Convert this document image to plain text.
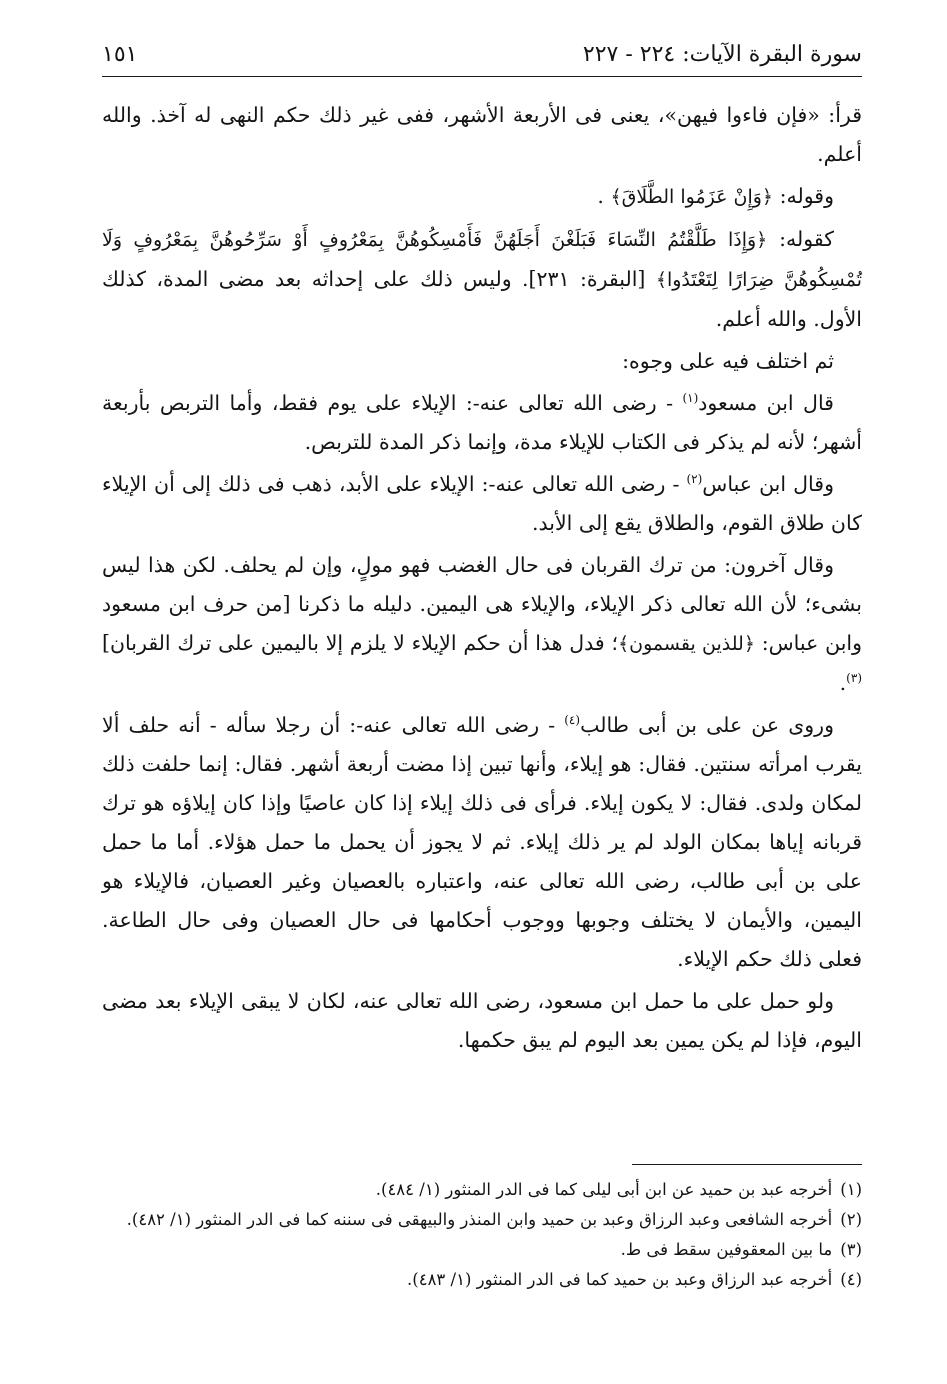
سورة البقرة الآيات: ٢٢٤ - ٢٢٧
١٥١

قرأ: «فإن فاءوا فيهن»، يعنى فى الأربعة الأشهر، ففى غير ذلك حكم النهى له آخذ. والله أعلم.

وقوله: ﴿وَإِنْ عَزَمُوا الطَّلَاقَ﴾ .

كقوله: ﴿وَإِذَا طَلَّقْتُمُ النِّسَاءَ فَبَلَغْنَ أَجَلَهُنَّ فَأَمْسِكُوهُنَّ بِمَعْرُوفٍ أَوْ سَرِّحُوهُنَّ بِمَعْرُوفٍ وَلَا تُمْسِكُوهُنَّ ضِرَارًا لِتَعْتَدُوا﴾ [البقرة: ٢٣١]. وليس ذلك على إحداثه بعد مضى المدة، كذلك الأول. والله أعلم.

ثم اختلف فيه على وجوه:

قال ابن مسعود$^{(١)}$ - رضى الله تعالى عنه-: الإيلاء على يوم فقط، وأما التربص بأربعة أشهر؛ لأنه لم يذكر فى الكتاب للإيلاء مدة، وإنما ذكر المدة للتربص.

وقال ابن عباس$^{(٢)}$ - رضى الله تعالى عنه-: الإيلاء على الأبد، ذهب فى ذلك إلى أن الإيلاء كان طلاق القوم، والطلاق يقع إلى الأبد.

وقال آخرون: من ترك القربان فى حال الغضب فهو مولٍ، وإن لم يحلف. لكن هذا ليس بشىء؛ لأن الله تعالى ذكر الإيلاء، والإيلاء هى اليمين. دليله ما ذكرنا [من حرف ابن مسعود وابن عباس: ﴿للذين يقسمون﴾؛ فدل هذا أن حكم الإيلاء لا يلزم إلا باليمين على ترك القربان]$^{(٣)}$.

وروى عن على بن أبى طالب$^{(٤)}$ - رضى الله تعالى عنه-: أن رجلا سأله - أنه حلف ألا يقرب امرأته سنتين. فقال: هو إيلاء، وأنها تبين إذا مضت أربعة أشهر. فقال: إنما حلفت ذلك لمكان ولدى. فقال: لا يكون إيلاء. فرأى فى ذلك إيلاء إذا كان عاصيًا وإذا كان إيلاؤه هو ترك قربانه إياها بمكان الولد لم ير ذلك إيلاء. ثم لا يجوز أن يحمل ما حمل هؤلاء. أما ما حمل على بن أبى طالب، رضى الله تعالى عنه، واعتباره بالعصيان وغير العصيان، فالإيلاء هو اليمين، والأيمان لا يختلف وجوبها ووجوب أحكامها فى حال العصيان وفى حال الطاعة. فعلى ذلك حكم الإيلاء.

ولو حمل على ما حمل ابن مسعود، رضى الله تعالى عنه، لكان لا يبقى الإيلاء بعد مضى اليوم، فإذا لم يكن يمين بعد اليوم لم يبق حكمها.

(١)أخرجه عبد بن حميد عن ابن أبى ليلى كما فى الدر المنثور (١/ ٤٨٤).

(٢)أخرجه الشافعى وعبد الرزاق وعبد بن حميد وابن المنذر والبيهقى فى سننه كما فى الدر المنثور (١/ ٤٨٢).

(٣)ما بين المعقوفين سقط فى ط.

(٤)أخرجه عبد الرزاق وعبد بن حميد كما فى الدر المنثور (١/ ٤٨٣).
